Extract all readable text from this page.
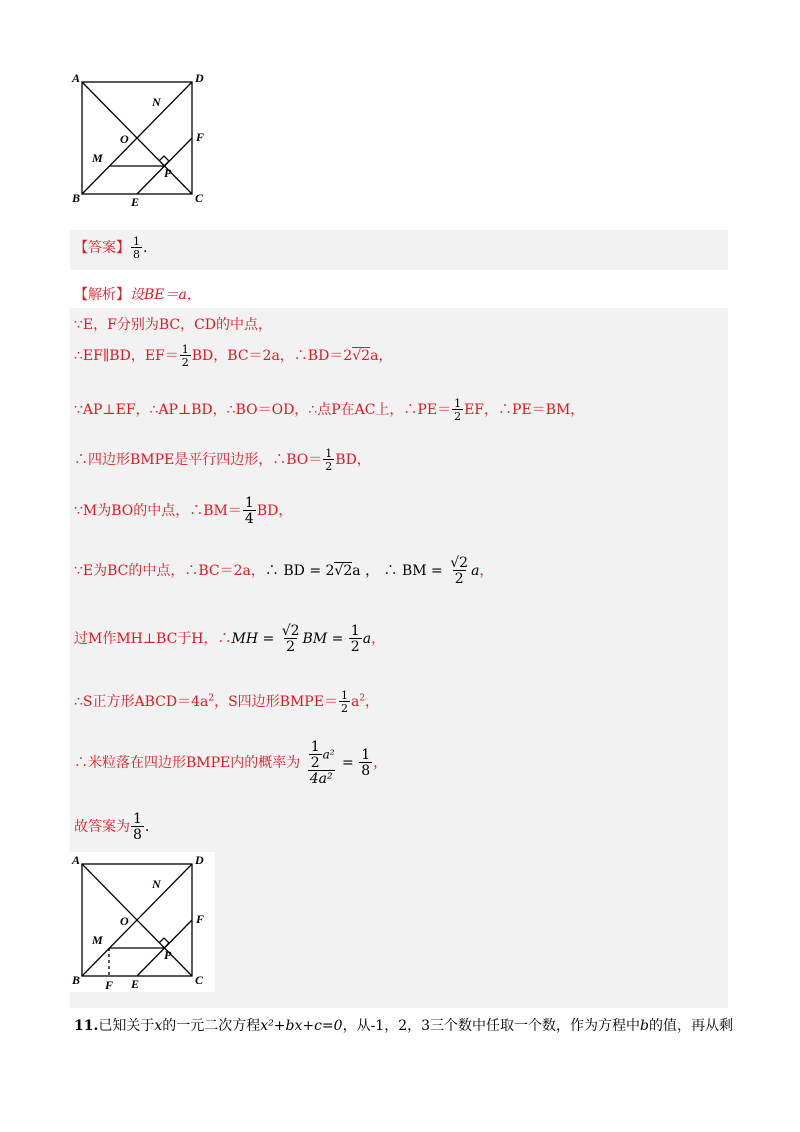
A	D
N
O	F
M
P
B	E	C
【答案】 $\frac{1}{8}$ .
【解析】设BE＝a，
∵E，F分别为BC，CD的中点，
∴EF∥BD，$EF= \frac{1}{2}$ BD，BC＝2a，∴BD＝2√2a，
∵AP⊥EF，∴AP⊥BD，∴BO＝OD，∴点P在AC上，∴PE＝ $\frac{1}{2}$ EF，∴PE＝BM，
∴四边形BMPE是平行四边形，∴BO＝ $\frac{1}{2}$ BD，
∵M为BO的中点，∴BM＝ $\frac{1}{4}$ BD，
∵E为BC的中点，∴BC＝2a，∴ BD = 2√2a ， ∴ BM = $\frac{√2}{2}$ a，
过M作MH⊥BC于H，∴MH = $\frac{√2}{2}$ BM = $\frac{1}{2}$ a，
∴S正方形$ABCD=4a^2$，S四边形BMPE＝ $\frac{1}{2} a^2$，
∴米粒落在四边形BMPE内的概率为 $\frac{\frac{1}{2} a^2}{\text{4a²}} = \frac{1}{8}$ ，
故答案为 $\frac{1}{8}$ .
A	D
N
O	F
M
P
B	E	C
F
11.已知关于x的一元二次方程x²+bx+c=0，从-1，2，3三个数中任取一个数，作为方程中b的值，再从剩
